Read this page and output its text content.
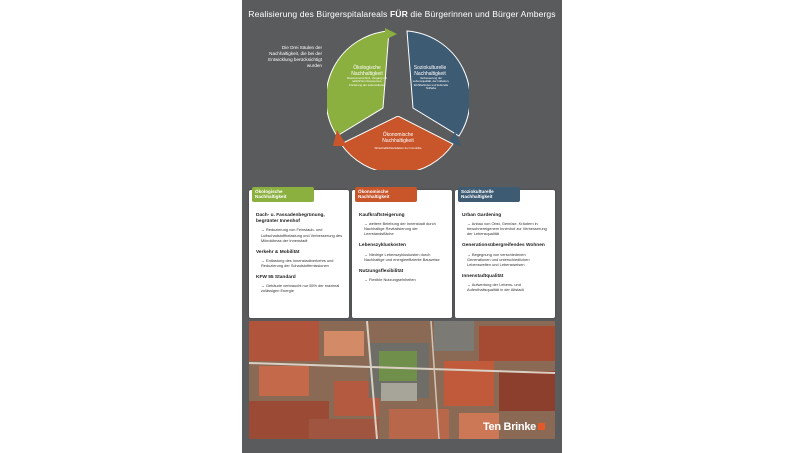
Realisierung des Bürgerspitalareals FÜR die Bürgerinnen und Bürger Ambergs
Die Drei Säulen der Nachhaltigkeit, die bei der Entwicklung berücksichtigt wurden	Ökologische
Nachhaltigkeit
Ressourcenschutz, Umgang mit natürlichen Ressourcen, Förderung der Lebensräume
Soziokulturelle
Nachhaltigkeit
Verbesserung der Lebensqualität, der Inklusion, Wohlbefinden und kulturelle Teilhabe
Ökonomische
Nachhaltigkeit
Wirtschaftlichkeitsfaktor der Immobilie
Ökologische Nachhaltigkeit
Dach- u. Fassadenbegrünung, begrünter Innenhof
→ Reduzierung von Feinstaub- und Luftschadstoffbelastung und Verbesserung des Mikroklimas der Innenstadt
Verkehr & Mobilität
→ Entlastung des Innenstadtverkehrs und Reduzierung der Schadstoffemissionen
KFW 55 Standard
→ Gebäude verbraucht nur 55% der maximal zulässigen Energie
Ökonomische Nachhaltigkeit
Kaufkraftsteigerung
→ weitere Belebung der Innenstadt durch Nachhaltige Revitalisierung der Leerstandsfläche
Lebenszykluskosten
→ Niedrige Lebenszykluskosten durch Nachhaltige und energieeffiziente Bauweise
Nutzungsflexibilität
→ Flexible Nutzungseinheiten
Soziokulturelle Nachhaltigkeit
Urban Gardening
→ Anbau von Obst, Gemüse, Kräutern in bewohnereigenem Innenhof zur Verbesserung der Lebensqualität
Generationsübergreifendes Wohnen
→ Begegnung von verschiedenen Generationen und unterschiedlichen Lebenswelten und Lebensweisen
Innenstadtqualität
→ Aufwertung der Lebens- und Aufenthaltsqualität in der Altstadt
Ten Brinke
